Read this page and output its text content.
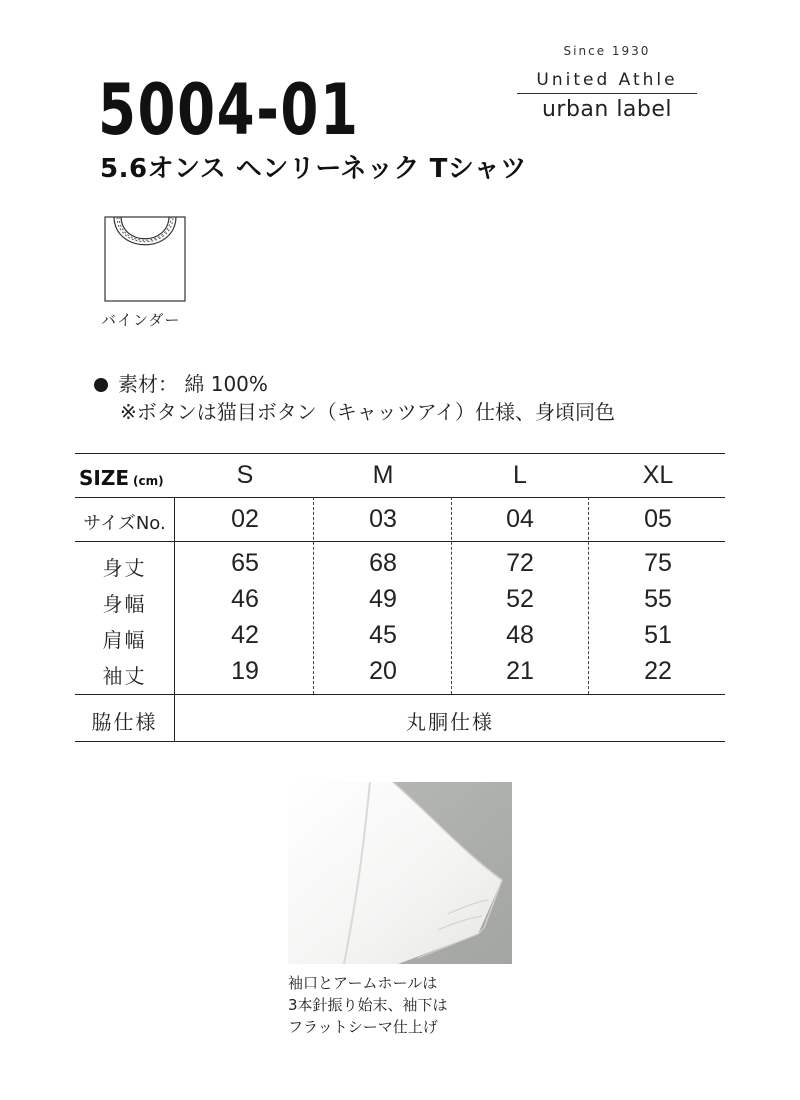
5004-01
5.6オンス ヘンリーネック Tシャツ
Since 1930
United Athle
urban label
バインダー
素材： 綿 100%
※ボタンは猫目ボタン（キャッツアイ）仕様、身頃同色
SIZE (cm)	S	M	L	XL
サイズNo.	02	03	04	05
身丈	65	68	72	75
身幅	46	49	52	55
肩幅	42	45	48	51
袖丈	19	20	21	22
脇仕様	丸胴仕様
袖口とアームホールは
3本針振り始末、袖下は
フラットシーマ仕上げ
